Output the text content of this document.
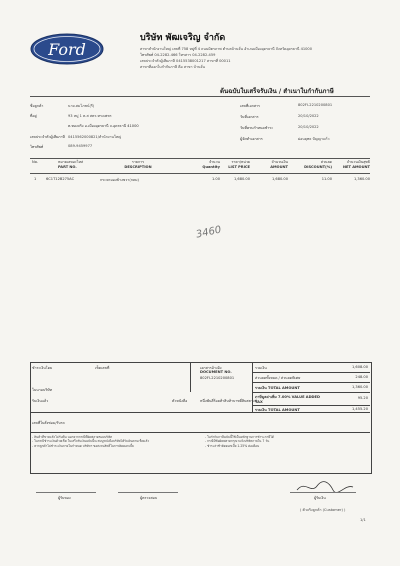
Ford
บริษัท พัฒเจริญ จำกัด
สาขาสำนักงานใหญ่ เลขที่ 758 หมู่ที่ 4 ถนนมิตรภาพ ตำบลบ้านจั่น อำเภอเมืองอุดรธานี จังหวัดอุดรธานี 41000
โทรศัพท์ 04-2282-466 โทรสาร 04-2282-459
เลขประจำตัวผู้เสียภาษี 0415538001217 สาขาที่ 00011
สาขาที่ออกใบกำกับภาษี คือ สาขา บ้านจั่น
ต้นฉบับใบเสร็จรับเงิน / สำเนาใบกำกับภาษี
ชื่อลูกค้า	นาย.สมโภชน์(รี)
ที่อยู่	93 หมู่ 1 ต.ส สตร-ทรงเพชร
ต.ทองจริง อ.เมืองอุดรธานี จ.อุดรธานี 41000
เลขประจำตัวผู้เสียภาษี 0415562000821/สำนักงานใหญ่
โทรศัพท์	089-9459977
เลขที่เอกสาร	802FI-2210200801
วันที่เอกสาร	20/10/2022
วันที่ครบกำหนดชำระ	20/10/2022
ผู้จัดทำเอกสาร	ผ่อนยุทธ ปัญญาแก้ว
No.	หมายเลขอะไหล่
PART NO.
รายการ
DESCRIPTION
จำนวน
Quantity
ราคา/หน่วย
LIST PRICE
จำนวนเงิน
AMOUNT
ส่วนลด
DISCOUNT(%)
จำนวนเงินสุทธิ
NET AMOUNT
1	6C1T12B275AC	กระจกมองข้างขวา(กลม)	1.00	1,680.00	1,680.00	11.00	1,360.00
3460
ชำระเงินโดย	เช็คเลขที่	เอกสารอ้างอิง
DOCUMENT NO.
802FI-2210200801
ในนามบริษัท
รับเงินแล้ว	ตัวหนังสือ	หนึ่งพันสี่ร้อยห้าสิบห้าบาทยี่สิบสตางค์
เลขที่ใบสั่งซ่อม/รับรถ
รวมเงิน	1,608.00
ส่วนลดทั้งหมด / ส่วนลดพิเศษ	248.00
รวมเงิน TOTAL AMOUNT	1,360.00
ภาษีมูลค่าเพิ่ม 7.00% VALUE ADDED TAX
95.20
รวมเงิน TOTAL AMOUNT	1,455.20
- สินค้าที่ขายแล้วไม่รับคืน นอกจากกรณีที่ผิดพลาดของบริษัท
- ในกรณีชำระเงินด้วยเช็ค ใบเสร็จรับเงินฉบับนี้จะสมบูรณ์เมื่อบริษัทได้รับเงินตามเช็คแล้ว
- หากลูกค้าไม่ชำระเงินภายในกำหนด บริษัทฯ ขอสงวนสิทธิ์ในการคิดดอกเบี้ย
- ใบกำกับภาษีฉบับนี้ใช้เป็นหลักฐานการชำระภาษีได้
- กรณีมีข้อผิดพลาดกรุณาแจ้งบริษัทภายใน 7 วัน
- ชำระล่าช้าคิดดอกเบี้ย 1.25% ต่อเดือน
ผู้รับของ	ผู้ตรวจสอบ	ผู้รับเงิน
( ตัวจริงลูกค้า (Customer) )
1/1
